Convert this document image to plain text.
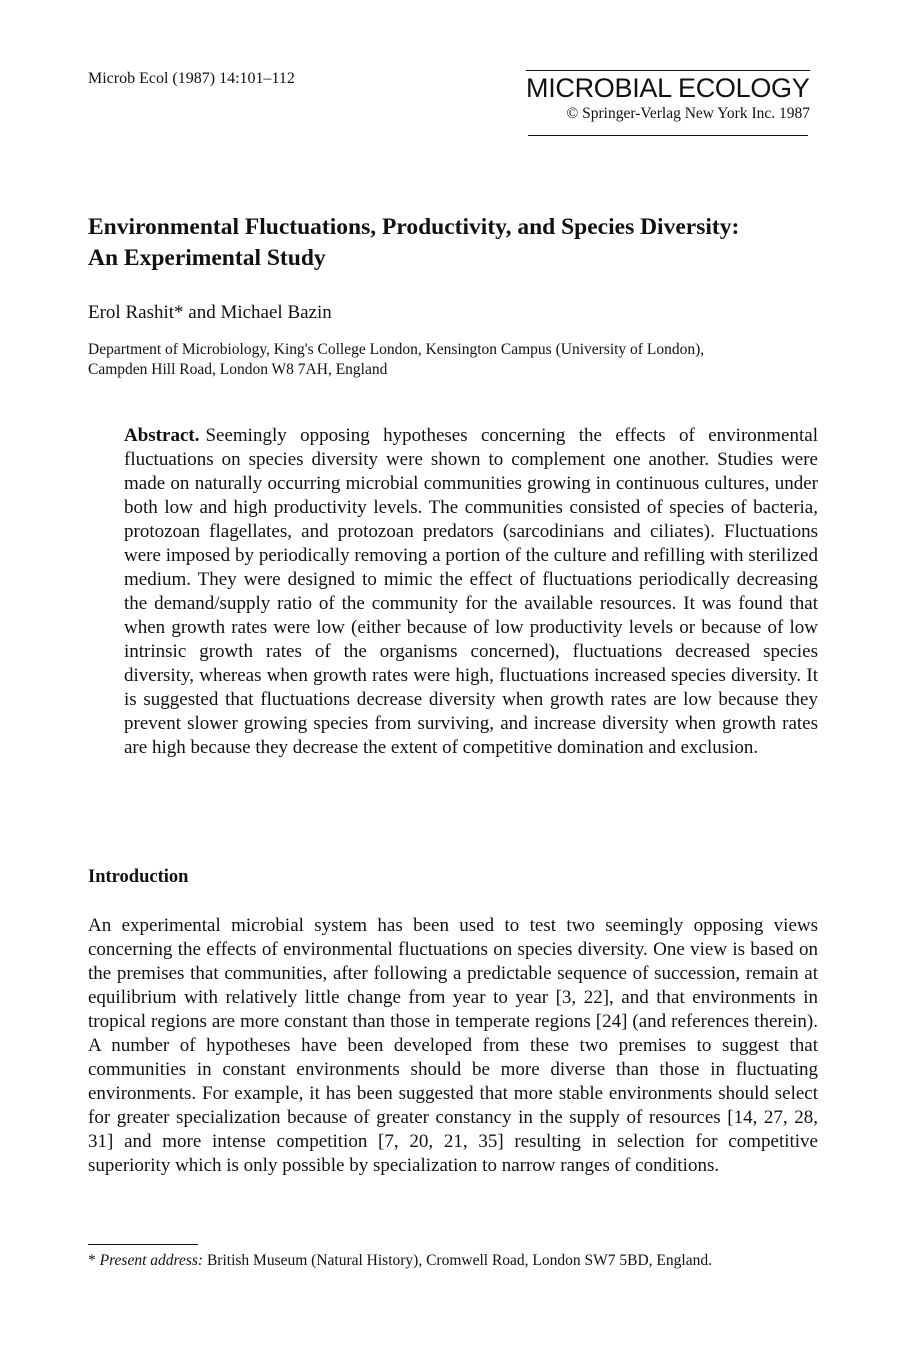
Microb Ecol (1987) 14:101–112	MICROBIAL ECOLOGY
© Springer-Verlag New York Inc. 1987
Environmental Fluctuations, Productivity, and Species Diversity:
An Experimental Study
Erol Rashit* and Michael Bazin
Department of Microbiology, King's College London, Kensington Campus (University of London),
Campden Hill Road, London W8 7AH, England

Abstract. Seemingly opposing hypotheses concerning the effects of environmental fluctuations on species diversity were shown to complement one another. Studies were made on naturally occurring microbial communities growing in continuous cultures, under both low and high productivity levels. The communities consisted of species of bacteria, protozoan flagellates, and protozoan predators (sarcodinians and ciliates). Fluctuations were imposed by periodically removing a portion of the culture and refilling with sterilized medium. They were designed to mimic the effect of fluctuations periodically decreasing the demand/supply ratio of the community for the available resources. It was found that when growth rates were low (either because of low productivity levels or because of low intrinsic growth rates of the organisms concerned), fluctuations decreased species diversity, whereas when growth rates were high, fluctuations increased species diversity. It is suggested that fluctuations decrease diversity when growth rates are low because they prevent slower growing species from surviving, and increase diversity when growth rates are high because they decrease the extent of competitive domination and exclusion.

Introduction

An experimental microbial system has been used to test two seemingly opposing views concerning the effects of environmental fluctuations on species diversity. One view is based on the premises that communities, after following a predictable sequence of succession, remain at equilibrium with relatively little change from year to year [3, 22], and that environments in tropical regions are more constant than those in temperate regions [24] (and references therein). A number of hypotheses have been developed from these two premises to suggest that communities in constant environments should be more diverse than those in fluctuating environments. For example, it has been suggested that more stable environments should select for greater specialization because of greater constancy in the supply of resources [14, 27, 28, 31] and more intense competition [7, 20, 21, 35] resulting in selection for competitive superiority which is only possible by specialization to narrow ranges of conditions.

* Present address: British Museum (Natural History), Cromwell Road, London SW7 5BD, England.
